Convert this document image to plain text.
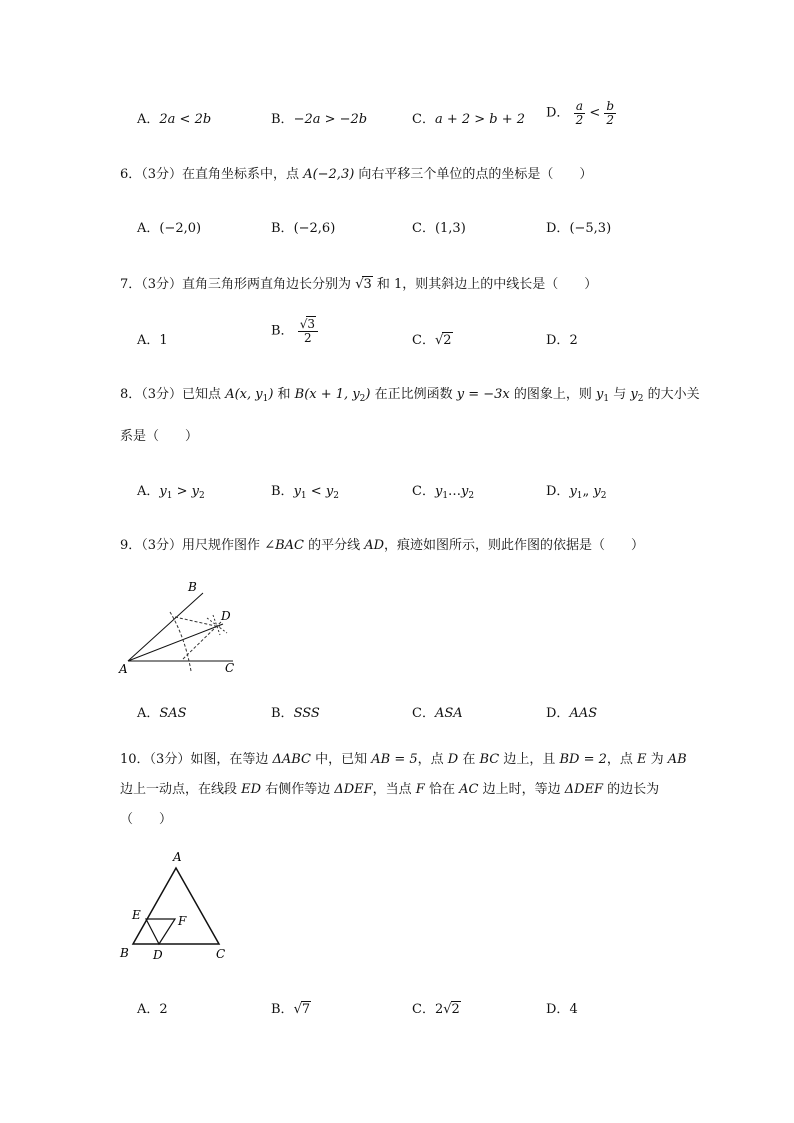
A．2a < 2b	B．−2a > −2b	C．a + 2 > b + 2 D． $\frac{a}{2} < \frac{b}{2}$
6．（3分）在直角坐标系中，点 A(−2,3) 向右平移三个单位的点的坐标是（　　）
A．(−2,0)	B．(−2,6)	C．(1,3)	D．(−5,3)
7．（3分）直角三角形两直角边长分别为 √3 和 1，则其斜边上的中线长是（　　）
A．1
B． $\frac{√3}{2}$	C．√2	D．2
8．（3分）已知点 A(x, $y_1$) 和 B(x + 1, $y_2$) 在正比例函数 y = −3x 的图象上，则 $y_1$ 与 $y_2$ 的大小关
系是（　　）
A．$y_1 > y_2$	B．$y_1 < y_2$	C．$y_1\dots y_2$	D．$y_1„$ $y_2$
9．（3分）用尺规作图作 ∠BAC 的平分线 AD，痕迹如图所示，则此作图的依据是（　　）
B
D
A	C
A．SAS	B．SSS	C．ASA	D．AAS
10．（3分）如图，在等边 ΔABC 中，已知 AB = 5，点 D 在 BC 边上，且 BD = 2，点 E 为 AB
边上一动点，在线段 ED 右侧作等边 ΔDEF，当点 F 恰在 AC 边上时，等边 ΔDEF 的边长为
（　　）
A
E	F
B D	C
A．2	B．√7	C．2√2	D．4
